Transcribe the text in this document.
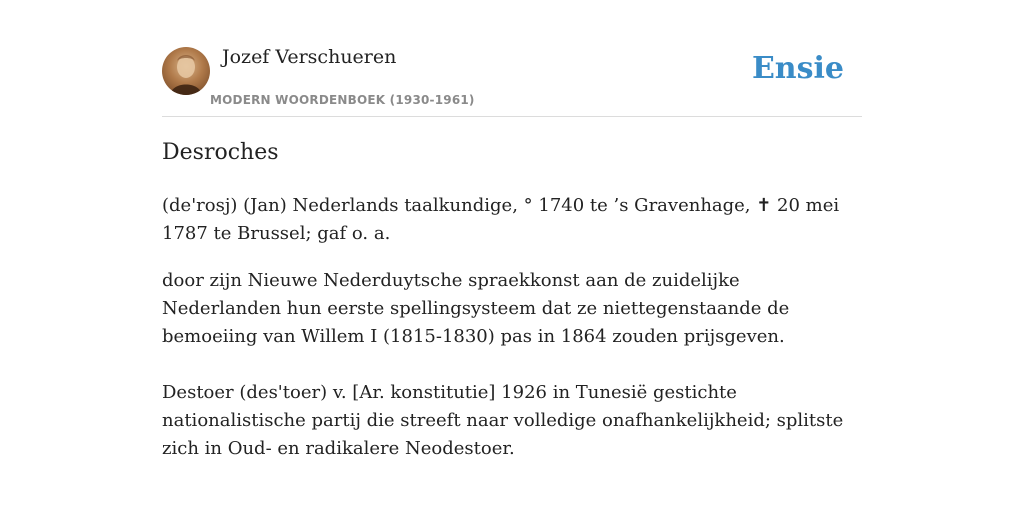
Jozef Verschueren
MODERN WOORDENBOEK (1930-1961)
Ensie
Desroches

(de'rosj) (Jan) Nederlands taalkundige, ° 1740 te ’s Gravenhage, ✝ 20 mei 1787 te Brussel; gaf o. a.

door zijn Nieuwe Nederduytsche spraekkonst aan de zuidelijke Nederlanden hun eerste spellingsysteem dat ze niettegenstaande de bemoeiing van Willem I (1815-1830) pas in 1864 zouden prijsgeven.

Destoer (des'toer) v. [Ar. konstitutie] 1926 in Tunesië gestichte nationalistische partij die streeft naar volledige onafhankelijkheid; splitste zich in Oud- en radikalere Neodestoer.
